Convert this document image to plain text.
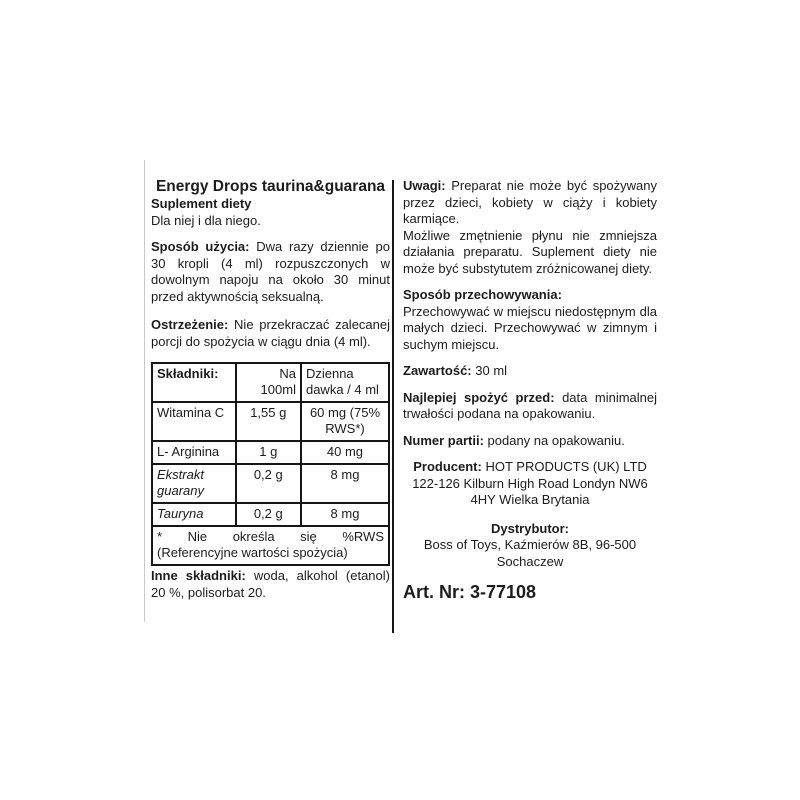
Energy Drops taurina&guarana
Suplement diety
Dla niej i dla niego.

Sposób użycia: Dwa razy dziennie po 30 kropli (4 ml) rozpuszczonych w dowolnym napoju na około 30 minut przed aktywnością seksualną.

Ostrzeżenie: Nie przekraczać zalecanej porcji do spożycia w ciągu dnia (4 ml).

Składniki:	Na 100ml	Dzienna dawka / 4 ml
Witamina C	1,55 g	60 mg (75% RWS*)
L- Arginina	1 g	40 mg
Ekstrakt guarany	0,2 g	8 mg
Tauryna	0,2 g	8 mg

* Nie określa się %RWS
(Referencyjne wartości spożycia)		

Inne składniki: woda, alkohol (etanol) 20 %, polisorbat 20.

Uwagi: Preparat nie może być spożywany przez dzieci, kobiety w ciąży i kobiety karmiące.

Możliwe zmętnienie płynu nie zmniejsza działania preparatu. Suplement diety nie może być substytutem zróżnicowanej diety.

Sposób przechowywania:

Przechowywać w miejscu niedostępnym dla małych dzieci. Przechowywać w zimnym i suchym miejscu.

Zawartość: 30 ml

Najlepiej spożyć przed: data minimalnej trwałości podana na opakowaniu.

Numer partii: podany na opakowaniu.

Producent: HOT PRODUCTS (UK) LTD
122-126 Kilburn High Road Londyn NW6
4HY Wielka Brytania
Dystrybutor:
Boss of Toys, Kaźmierów 8B, 96-500
Sochaczew
Art. Nr: 3-77108
